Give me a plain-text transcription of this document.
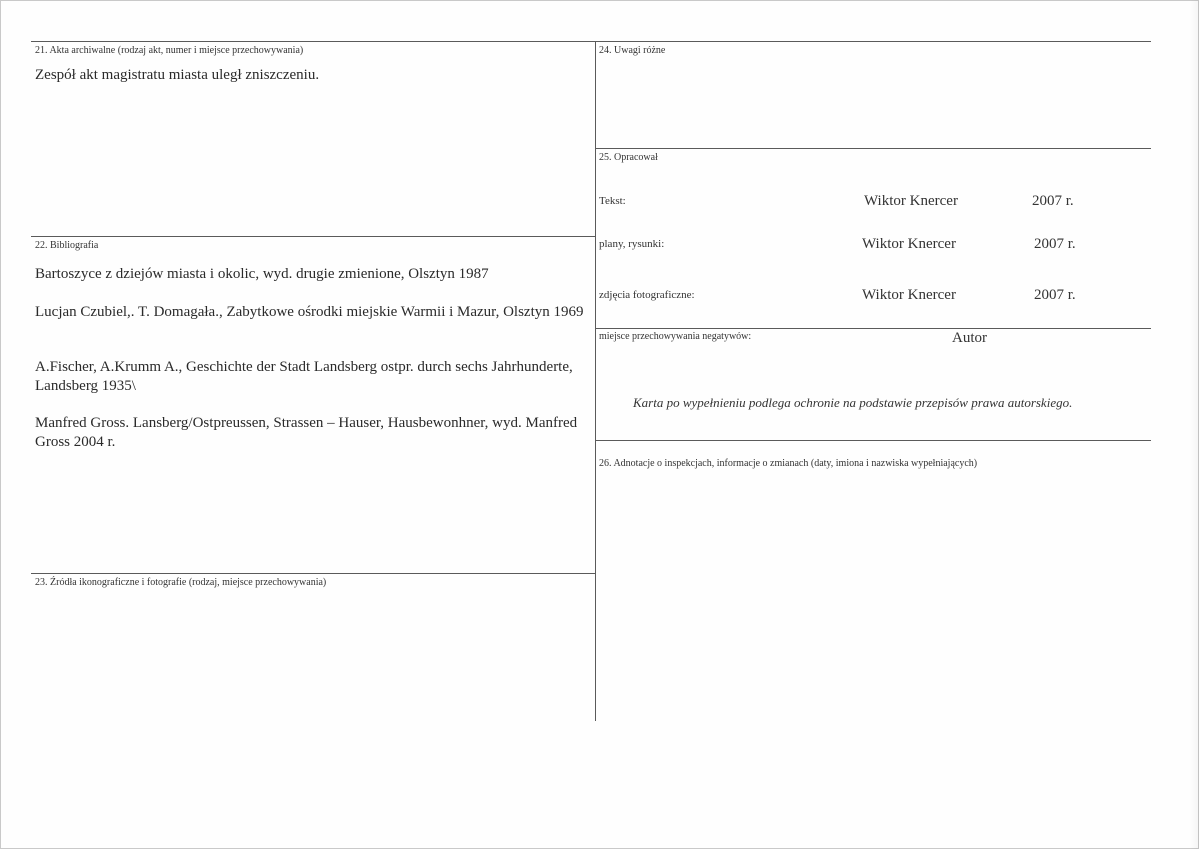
21. Akta archiwalne (rodzaj akt, numer i miejsce przechowywania)
Zespół akt magistratu miasta uległ zniszczeniu.
22. Bibliografia
Bartoszyce z dziejów miasta i okolic, wyd. drugie zmienione, Olsztyn 1987
Lucjan Czubiel,. T. Domagała., Zabytkowe ośrodki miejskie Warmii i Mazur, Olsztyn 1969
A.Fischer, A.Krumm A., Geschichte der Stadt Landsberg ostpr. durch sechs Jahrhunderte, Landsberg 1935\
Manfred Gross. Lansberg/Ostpreussen, Strassen – Hauser, Hausbewonhner, wyd. Manfred Gross 2004 r.
23. Źródła ikonograficzne i fotografie (rodzaj, miejsce przechowywania)
24. Uwagi różne
25. Opracował
Tekst:	Wiktor Knercer	2007 r.
plany, rysunki:	Wiktor Knercer	2007 r.
zdjęcia fotograficzne:	Wiktor Knercer	2007 r.
miejsce przechowywania negatywów:	Autor
Karta po wypełnieniu podlega ochronie na podstawie przepisów prawa autorskiego.
26. Adnotacje o inspekcjach, informacje o zmianach (daty, imiona i nazwiska wypełniających)
